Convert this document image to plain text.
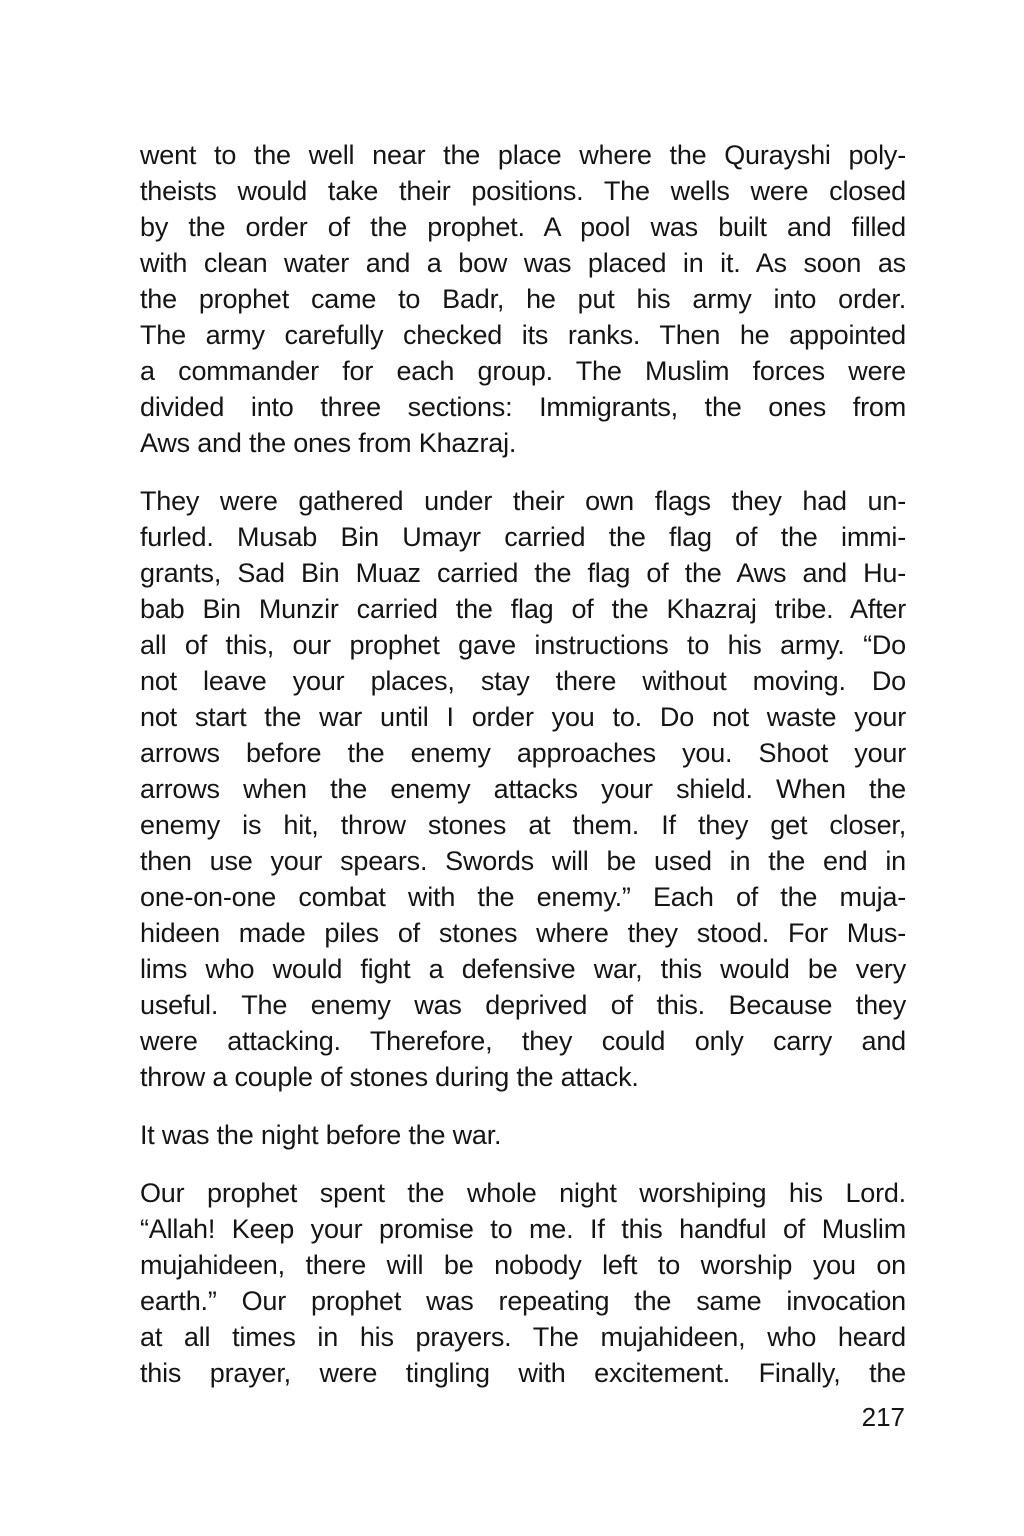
went to the well near the place where the Qurayshi poly-
theists would take their positions. The wells were closed
by the order of the prophet. A pool was built and filled
with clean water and a bow was placed in it. As soon as
the prophet came to Badr, he put his army into order.
The army carefully checked its ranks. Then he appointed
a commander for each group. The Muslim forces were
divided into three sections: Immigrants, the ones from
Aws and the ones from Khazraj.
They were gathered under their own flags they had un-
furled. Musab Bin Umayr carried the flag of the immi-
grants, Sad Bin Muaz carried the flag of the Aws and Hu-
bab Bin Munzir carried the flag of the Khazraj tribe. After
all of this, our prophet gave instructions to his army. “Do
not leave your places, stay there without moving. Do
not start the war until I order you to. Do not waste your
arrows before the enemy approaches you. Shoot your
arrows when the enemy attacks your shield. When the
enemy is hit, throw stones at them. If they get closer,
then use your spears. Swords will be used in the end in
one-on-one combat with the enemy.” Each of the muja-
hideen made piles of stones where they stood. For Mus-
lims who would fight a defensive war, this would be very
useful. The enemy was deprived of this. Because they
were attacking. Therefore, they could only carry and
throw a couple of stones during the attack.
It was the night before the war.
Our prophet spent the whole night worshiping his Lord.
“Allah! Keep your promise to me. If this handful of Muslim
mujahideen, there will be nobody left to worship you on
earth.” Our prophet was repeating the same invocation
at all times in his prayers. The mujahideen, who heard
this prayer, were tingling with excitement. Finally, the
217
